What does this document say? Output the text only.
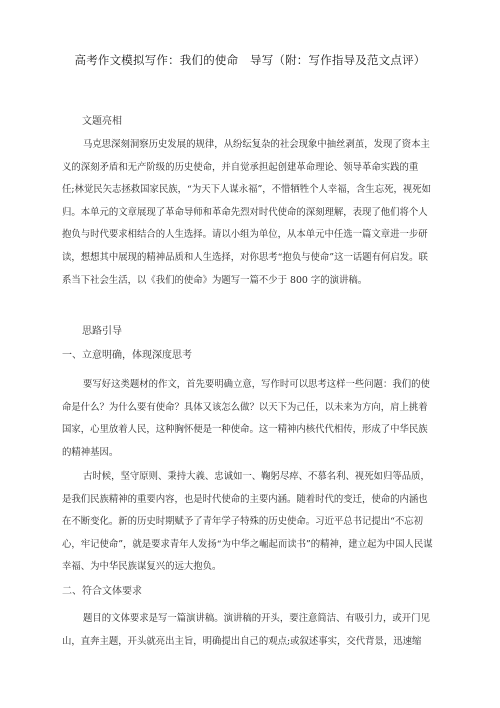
高考作文模拟写作：我们的使命　导写（附：写作指导及范文点评）
文题亮相
马克思深刻洞察历史发展的规律，从纷纭复杂的社会现象中抽丝剥茧，发现了资本主
义的深刻矛盾和无产阶级的历史使命，并自觉承担起创建革命理论、领导革命实践的重
任;林觉民矢志拯救国家民族，“为天下人谋永福”，不惜牺牲个人幸福，含生忘死，视死如
归。本单元的文章展现了革命导师和革命先烈对时代使命的深刻理解，表现了他们将个人
抱负与时代要求相结合的人生选择。请以小组为单位，从本单元中任选一篇文章进一步研
读，想想其中展现的精神品质和人生选择，对你思考“抱负与使命”这一话题有何启发。联
系当下社会生活，以《我们的使命》为题写一篇不少于 800 字的演讲稿。
思路引导
一、立意明确，体现深度思考
要写好这类题材的作文，首先要明确立意，写作时可以思考这样一些问题：我们的使
命是什么？为什么要有使命？具体又该怎么做？以天下为己任，以未来为方向，肩上挑着
国家，心里放着人民，这种胸怀便是一种使命。这一精神内核代代相传，形成了中华民族
的精神基因。
古时候，坚守原则、秉持大義、忠诚如一、鞠躬尽瘁、不慕名利、视死如归等品质，
是我们民族精神的重要内容，也是时代使命的主要内涵。随着时代的变迁，使命的内涵也
在不断变化。新的历史时期赋予了青年学子特殊的历史使命。习近平总书记提出“不忘初
心，牢记使命”，就是要求青年人发扬“为中华之崛起而读书”的精神，建立起为中国人民谋
幸福、为中华民族谋复兴的远大抱负。
二、符合文体要求
题目的文体要求是写一篇演讲稿。演讲稿的开头，要注意简洁、有吸引力，或开门见
山，直奔主题，开头就亮出主旨，明确提出自己的观点;或叙述事实，交代背景，迅速缩
